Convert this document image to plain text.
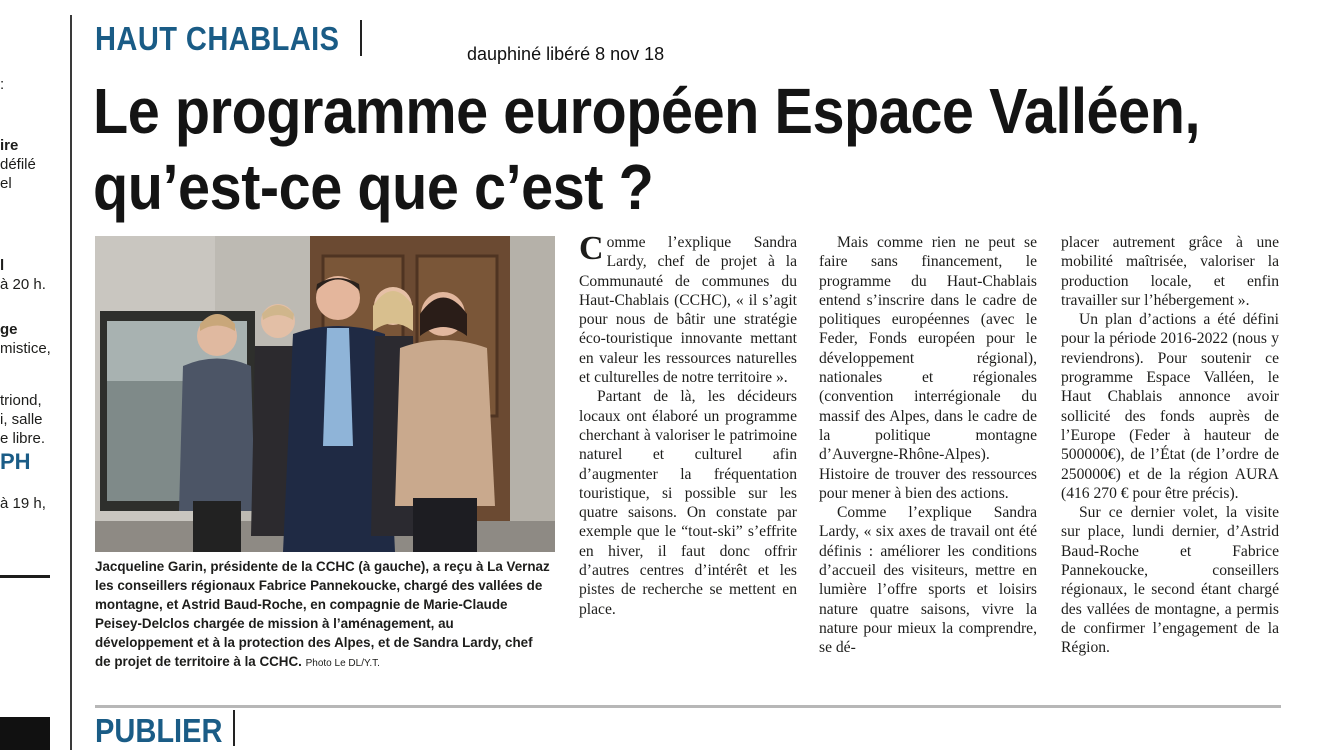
:
ire
défilé
el
l
à 20 h.
ge
mistice,
triond,
i, salle
e libre.
PH
à 19 h,
HAUT CHABLAIS	dauphiné libéré 8 nov 18
Le programme européen Espace Valléen, qu’est-ce que c’est ?

Jacqueline Garin, présidente de la CCHC (à gauche), a reçu à La Vernaz les conseillers régionaux Fabrice Pannekoucke, chargé des vallées de montagne, et Astrid Baud-Roche, en compagnie de Marie-Claude Peisey-Delclos chargée de mission à l’aménagement, au développement et à la protection des Alpes, et de Sandra Lardy, chef de projet de territoire à la CCHC. Photo Le DL/Y.T.

Comme l’explique Sandra Lardy, chef de projet à la Communauté de communes du Haut-Chablais (CCHC), « il s’agit pour nous de bâtir une stratégie éco-touristique innovante mettant en valeur les ressources naturelles et culturelles de notre territoire ».

Partant de là, les décideurs locaux ont élaboré un programme cherchant à valoriser le patrimoine naturel et culturel afin d’augmenter la fréquentation touristique, si possible sur les quatre saisons. On constate par exemple que le “tout-ski” s’effrite en hiver, il faut donc offrir d’autres centres d’intérêt et les pistes de recherche se mettent en place.

Mais comme rien ne peut se faire sans financement, le programme du Haut-Chablais entend s’inscrire dans le cadre de politiques européennes (avec le Feder, Fonds européen pour le développement régional), nationales et régionales (convention interrégionale du massif des Alpes, dans le cadre de la politique montagne d’Auvergne-Rhône-Alpes). Histoire de trouver des ressources pour mener à bien des actions.

Comme l’explique Sandra Lardy, « six axes de travail ont été définis : améliorer les conditions d’accueil des visiteurs, mettre en lumière l’offre sports et loisirs nature quatre saisons, vivre la nature pour mieux la comprendre, se dé-

placer autrement grâce à une mobilité maîtrisée, valoriser la production locale, et enfin travailler sur l’hébergement ».

Un plan d’actions a été défini pour la période 2016-2022 (nous y reviendrons). Pour soutenir ce programme Espace Valléen, le Haut Chablais annonce avoir sollicité des fonds auprès de l’Europe (Feder à hauteur de 500000€), de l’État (de l’ordre de 250000€) et de la région AURA (416 270 € pour être précis).

Sur ce dernier volet, la visite sur place, lundi dernier, d’Astrid Baud-Roche et Fabrice Pannekoucke, conseillers régionaux, le second étant chargé des vallées de montagne, a permis de confirmer l’engagement de la Région.

PUBLIER
